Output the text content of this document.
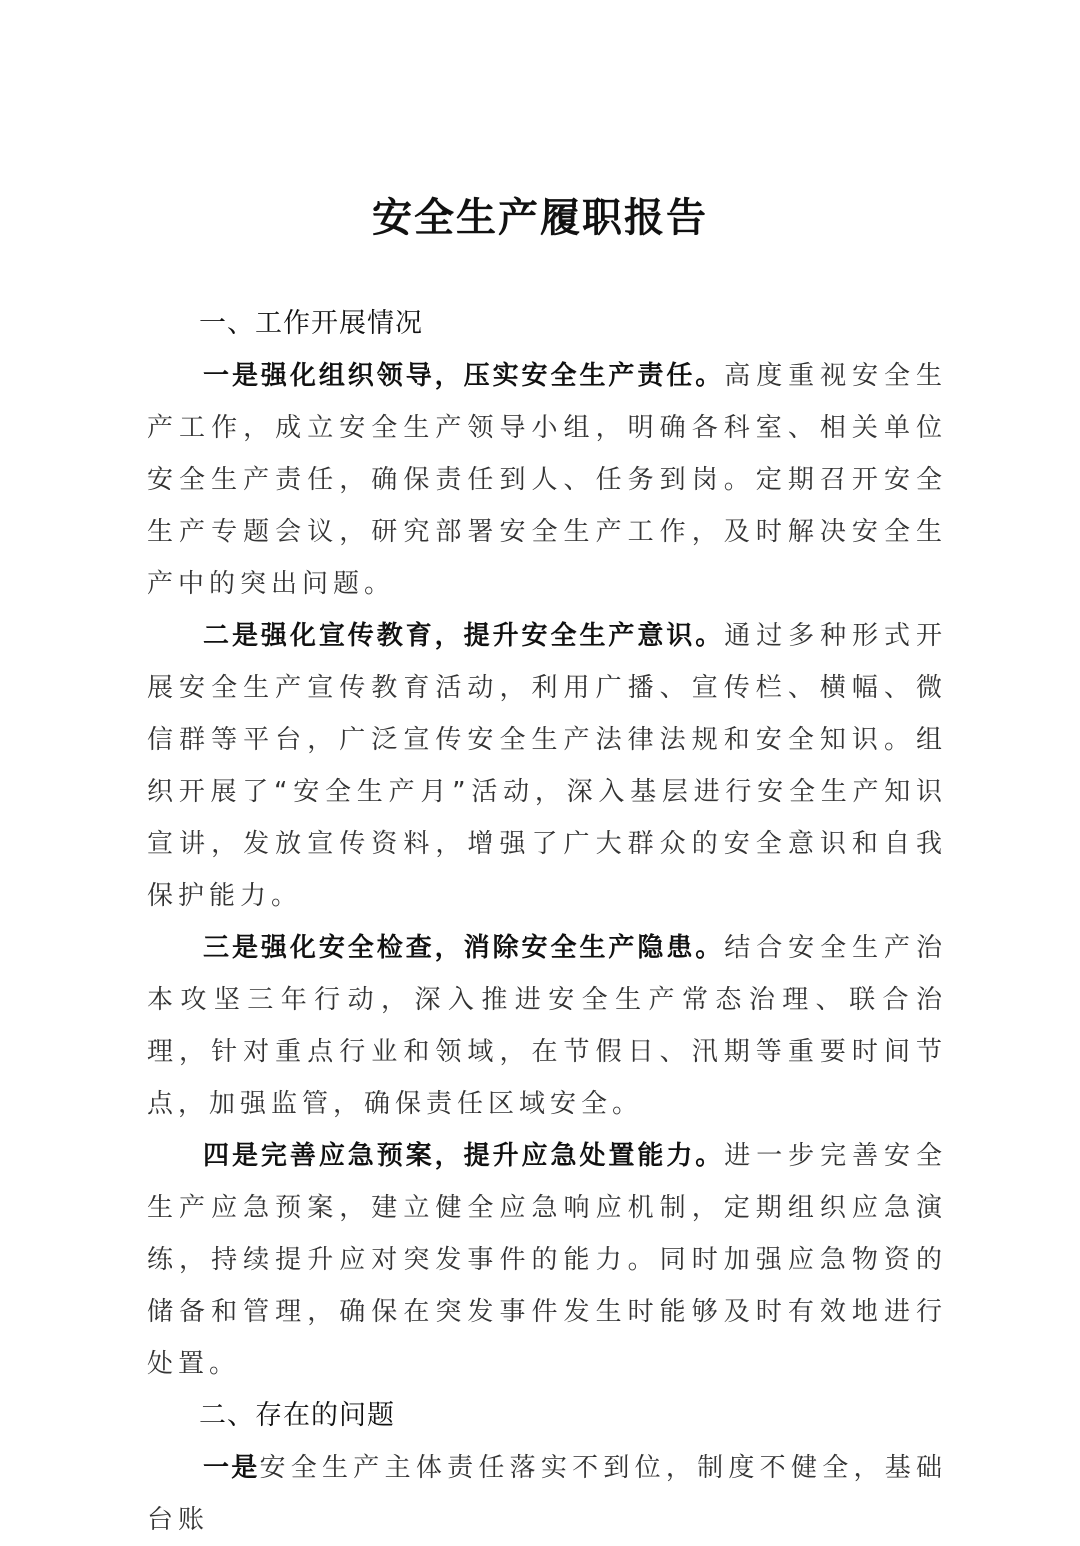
安全生产履职报告
一、工作开展情况

一是强化组织领导，压实安全生产责任。高度重视安全生产工作，成立安全生产领导小组，明确各科室、相关单位安全生产责任，确保责任到人、任务到岗。定期召开安全生产专题会议，研究部署安全生产工作，及时解决安全生产中的突出问题。

二是强化宣传教育，提升安全生产意识。通过多种形式开展安全生产宣传教育活动，利用广播、宣传栏、横幅、微信群等平台，广泛宣传安全生产法律法规和安全知识。组织开展了“安全生产月”活动，深入基层进行安全生产知识宣讲，发放宣传资料，增强了广大群众的安全意识和自我保护能力。

三是强化安全检查，消除安全生产隐患。结合安全生产治本攻坚三年行动，深入推进安全生产常态治理、联合治理，针对重点行业和领域，在节假日、汛期等重要时间节点，加强监管，确保责任区域安全。

四是完善应急预案，提升应急处置能力。进一步完善安全生产应急预案，建立健全应急响应机制，定期组织应急演练，持续提升应对突发事件的能力。同时加强应急物资的储备和管理，确保在突发事件发生时能够及时有效地进行处置。

二、存在的问题

一是安全生产主体责任落实不到位，制度不健全，基础台账
